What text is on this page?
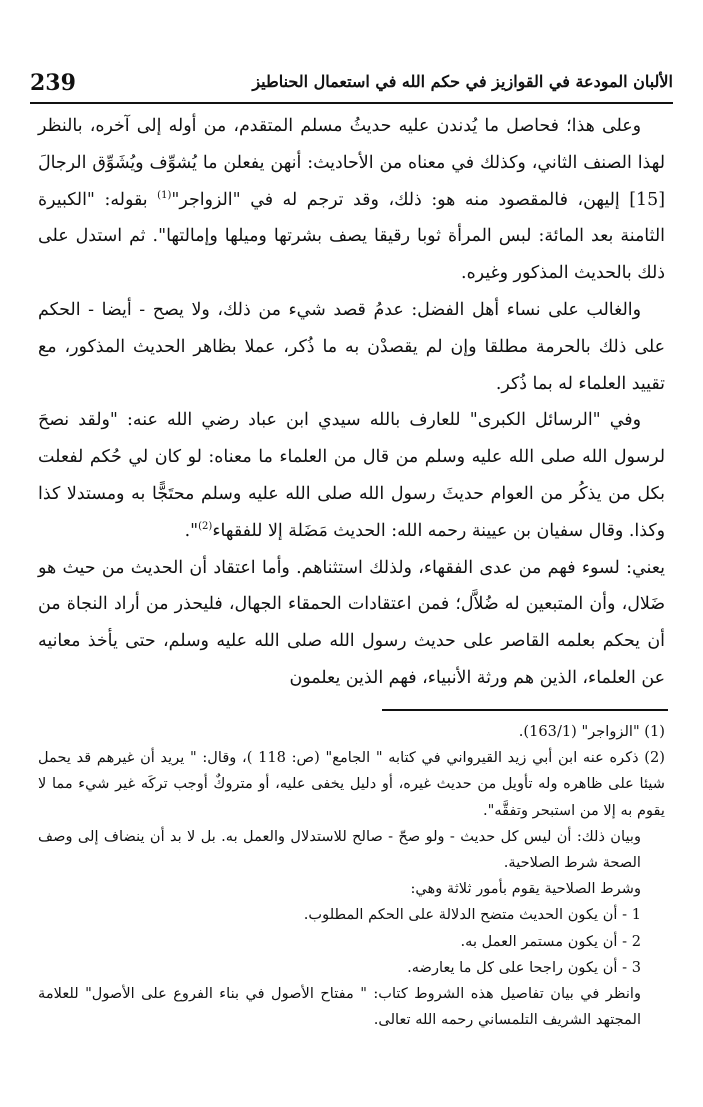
239	الألبان المودعة في القوازيز في حكم الله في استعمال الحناطيز

وعلى هذا؛ فحاصل ما يُدندن عليه حديثُ مسلم المتقدم، من أوله إلى آخره، بالنظر لهذا الصنف الثاني، وكذلك في معناه من الأحاديث: أنهن يفعلن ما يُشوِّف ويُشَوِّق الرجالَ [15] إليهن، فالمقصود منه هو: ذلك، وقد ترجم له في "الزواجر"$^{(1)}$ بقوله: "الكبيرة الثامنة بعد المائة: لبس المرأة ثوبا رقيقا يصف بشرتها وميلها وإمالتها". ثم استدل على ذلك بالحديث المذكور وغيره.

والغالب على نساء أهل الفضل: عدمُ قصد شيء من ذلك، ولا يصح - أيضا - الحكم على ذلك بالحرمة مطلقا وإن لم يقصدْن به ما ذُكر، عملا بظاهر الحديث المذكور، مع تقييد العلماء له بما ذُكر.

وفي "الرسائل الكبرى" للعارف بالله سيدي ابن عباد رضي الله عنه: "ولقد نصحَ لرسول الله صلى الله عليه وسلم من قال من العلماء ما معناه: لو كان لي حُكم لفعلت بكل من يذكُر من العوام حديثَ رسول الله صلى الله عليه وسلم محتَجًّا به ومستدلا كذا وكذا. وقال سفيان بن عيينة رحمه الله: الحديث مَضَلة إلا للفقهاء$^{(2)}$".

يعني: لسوء فهم من عدى الفقهاء، ولذلك استثناهم. وأما اعتقاد أن الحديث من حيث هو ضَلال، وأن المتبعين له ضُلاَّل؛ فمن اعتقادات الحمقاء الجهال، فليحذر من أراد النجاة من أن يحكم بعلمه القاصر على حديث رسول الله صلى الله عليه وسلم، حتى يأخذ معانيه عن العلماء، الذين هم ورثة الأنبياء، فهم الذين يعلمون

(1) "الزواجر" (163/1).

(2) ذكره عنه ابن أبي زيد القيرواني في كتابه " الجامع" (ص: 118 )، وقال: " يريد أن غيرهم قد يحمل شيئا على ظاهره وله تأويل من حديث غيره، أو دليل يخفى عليه، أو متروكٌ أوجب تركَه غير شيء مما لا يقوم به إلا من استبحر وتفقَّه".

وبيان ذلك: أن ليس كل حديث - ولو صحّ - صالح للاستدلال والعمل به. بل لا بد أن ينضاف إلى وصف الصحة شرط الصلاحية.

وشرط الصلاحية يقوم بأمور ثلاثة وهي:

1 - أن يكون الحديث متضح الدلالة على الحكم المطلوب.

2 - أن يكون مستمر العمل به.

3 - أن يكون راجحا على كل ما يعارضه.

وانظر في بيان تفاصيل هذه الشروط كتاب: " مفتاح الأصول في بناء الفروع على الأصول" للعلامة المجتهد الشريف التلمساني رحمه الله تعالى.
